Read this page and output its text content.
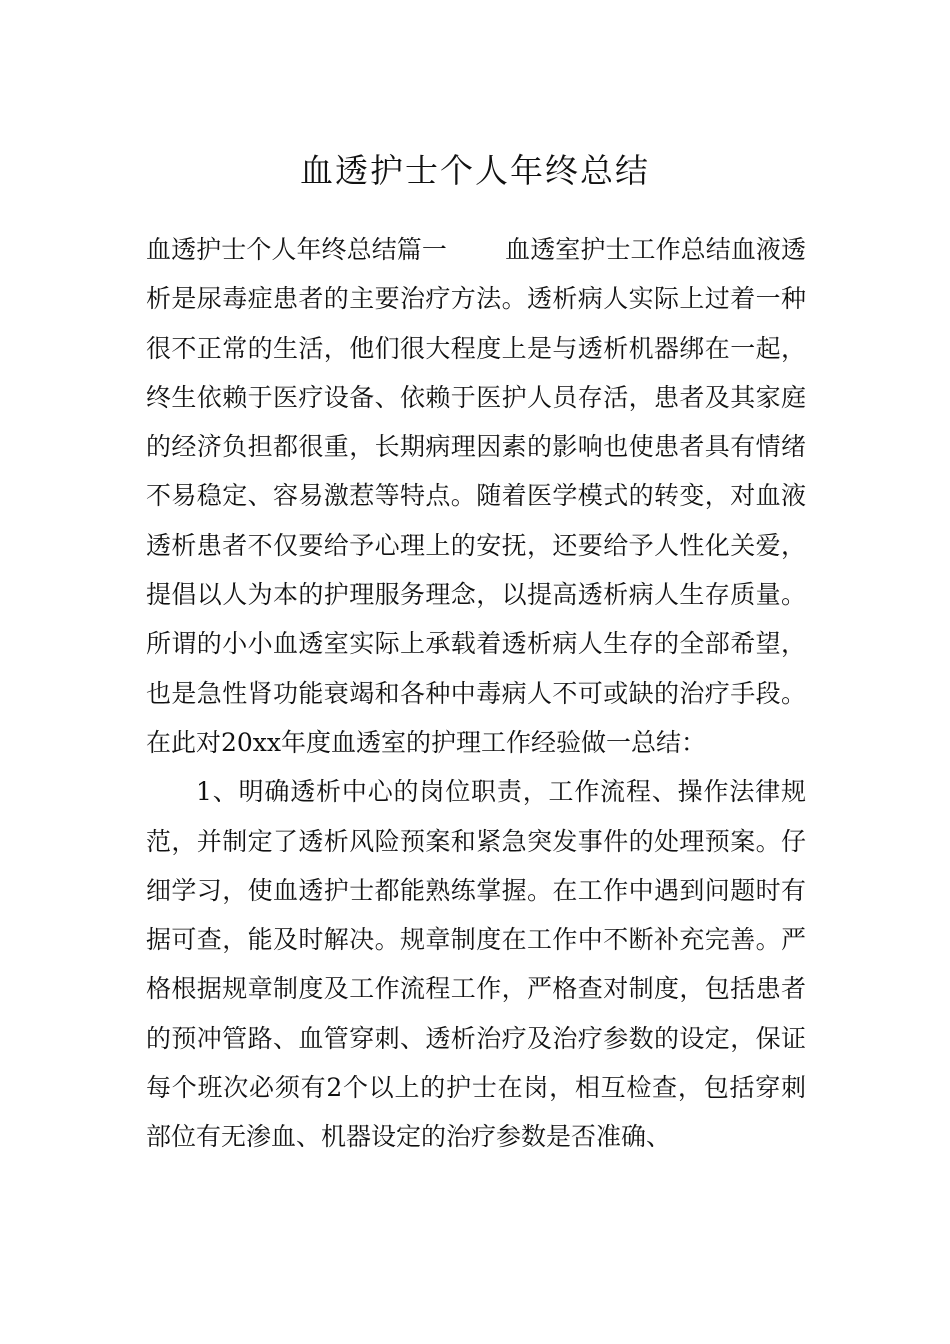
血透护士个人年终总结

血透护士个人年终总结篇一　　 血透室护士工作总结血液透析是尿毒症患者的主要治疗方法。透析病人实际上过着一种很不正常的生活，他们很大程度上是与透析机器绑在一起，终生依赖于医疗设备、依赖于医护人员存活，患者及其家庭的经济负担都很重，长期病理因素的影响也使患者具有情绪不易稳定、容易激惹等特点。随着医学模式的转变，对血液透析患者不仅要给予心理上的安抚，还要给予人性化关爱，提倡以人为本的护理服务理念，以提高透析病人生存质量。所谓的小小血透室实际上承载着透析病人生存的全部希望，也是急性肾功能衰竭和各种中毒病人不可或缺的治疗手段。在此对20xx年度血透室的护理工作经验做一总结：

1、明确透析中心的岗位职责，工作流程、操作法律规范，并制定了透析风险预案和紧急突发事件的处理预案。仔细学习，使血透护士都能熟练掌握。在工作中遇到问题时有据可查，能及时解决。规章制度在工作中不断补充完善。严格根据规章制度及工作流程工作，严格查对制度，包括患者的预冲管路、血管穿刺、透析治疗及治疗参数的设定，保证每个班次必须有2个以上的护士在岗，相互检查，包括穿刺部位有无渗血、机器设定的治疗参数是否准确、
